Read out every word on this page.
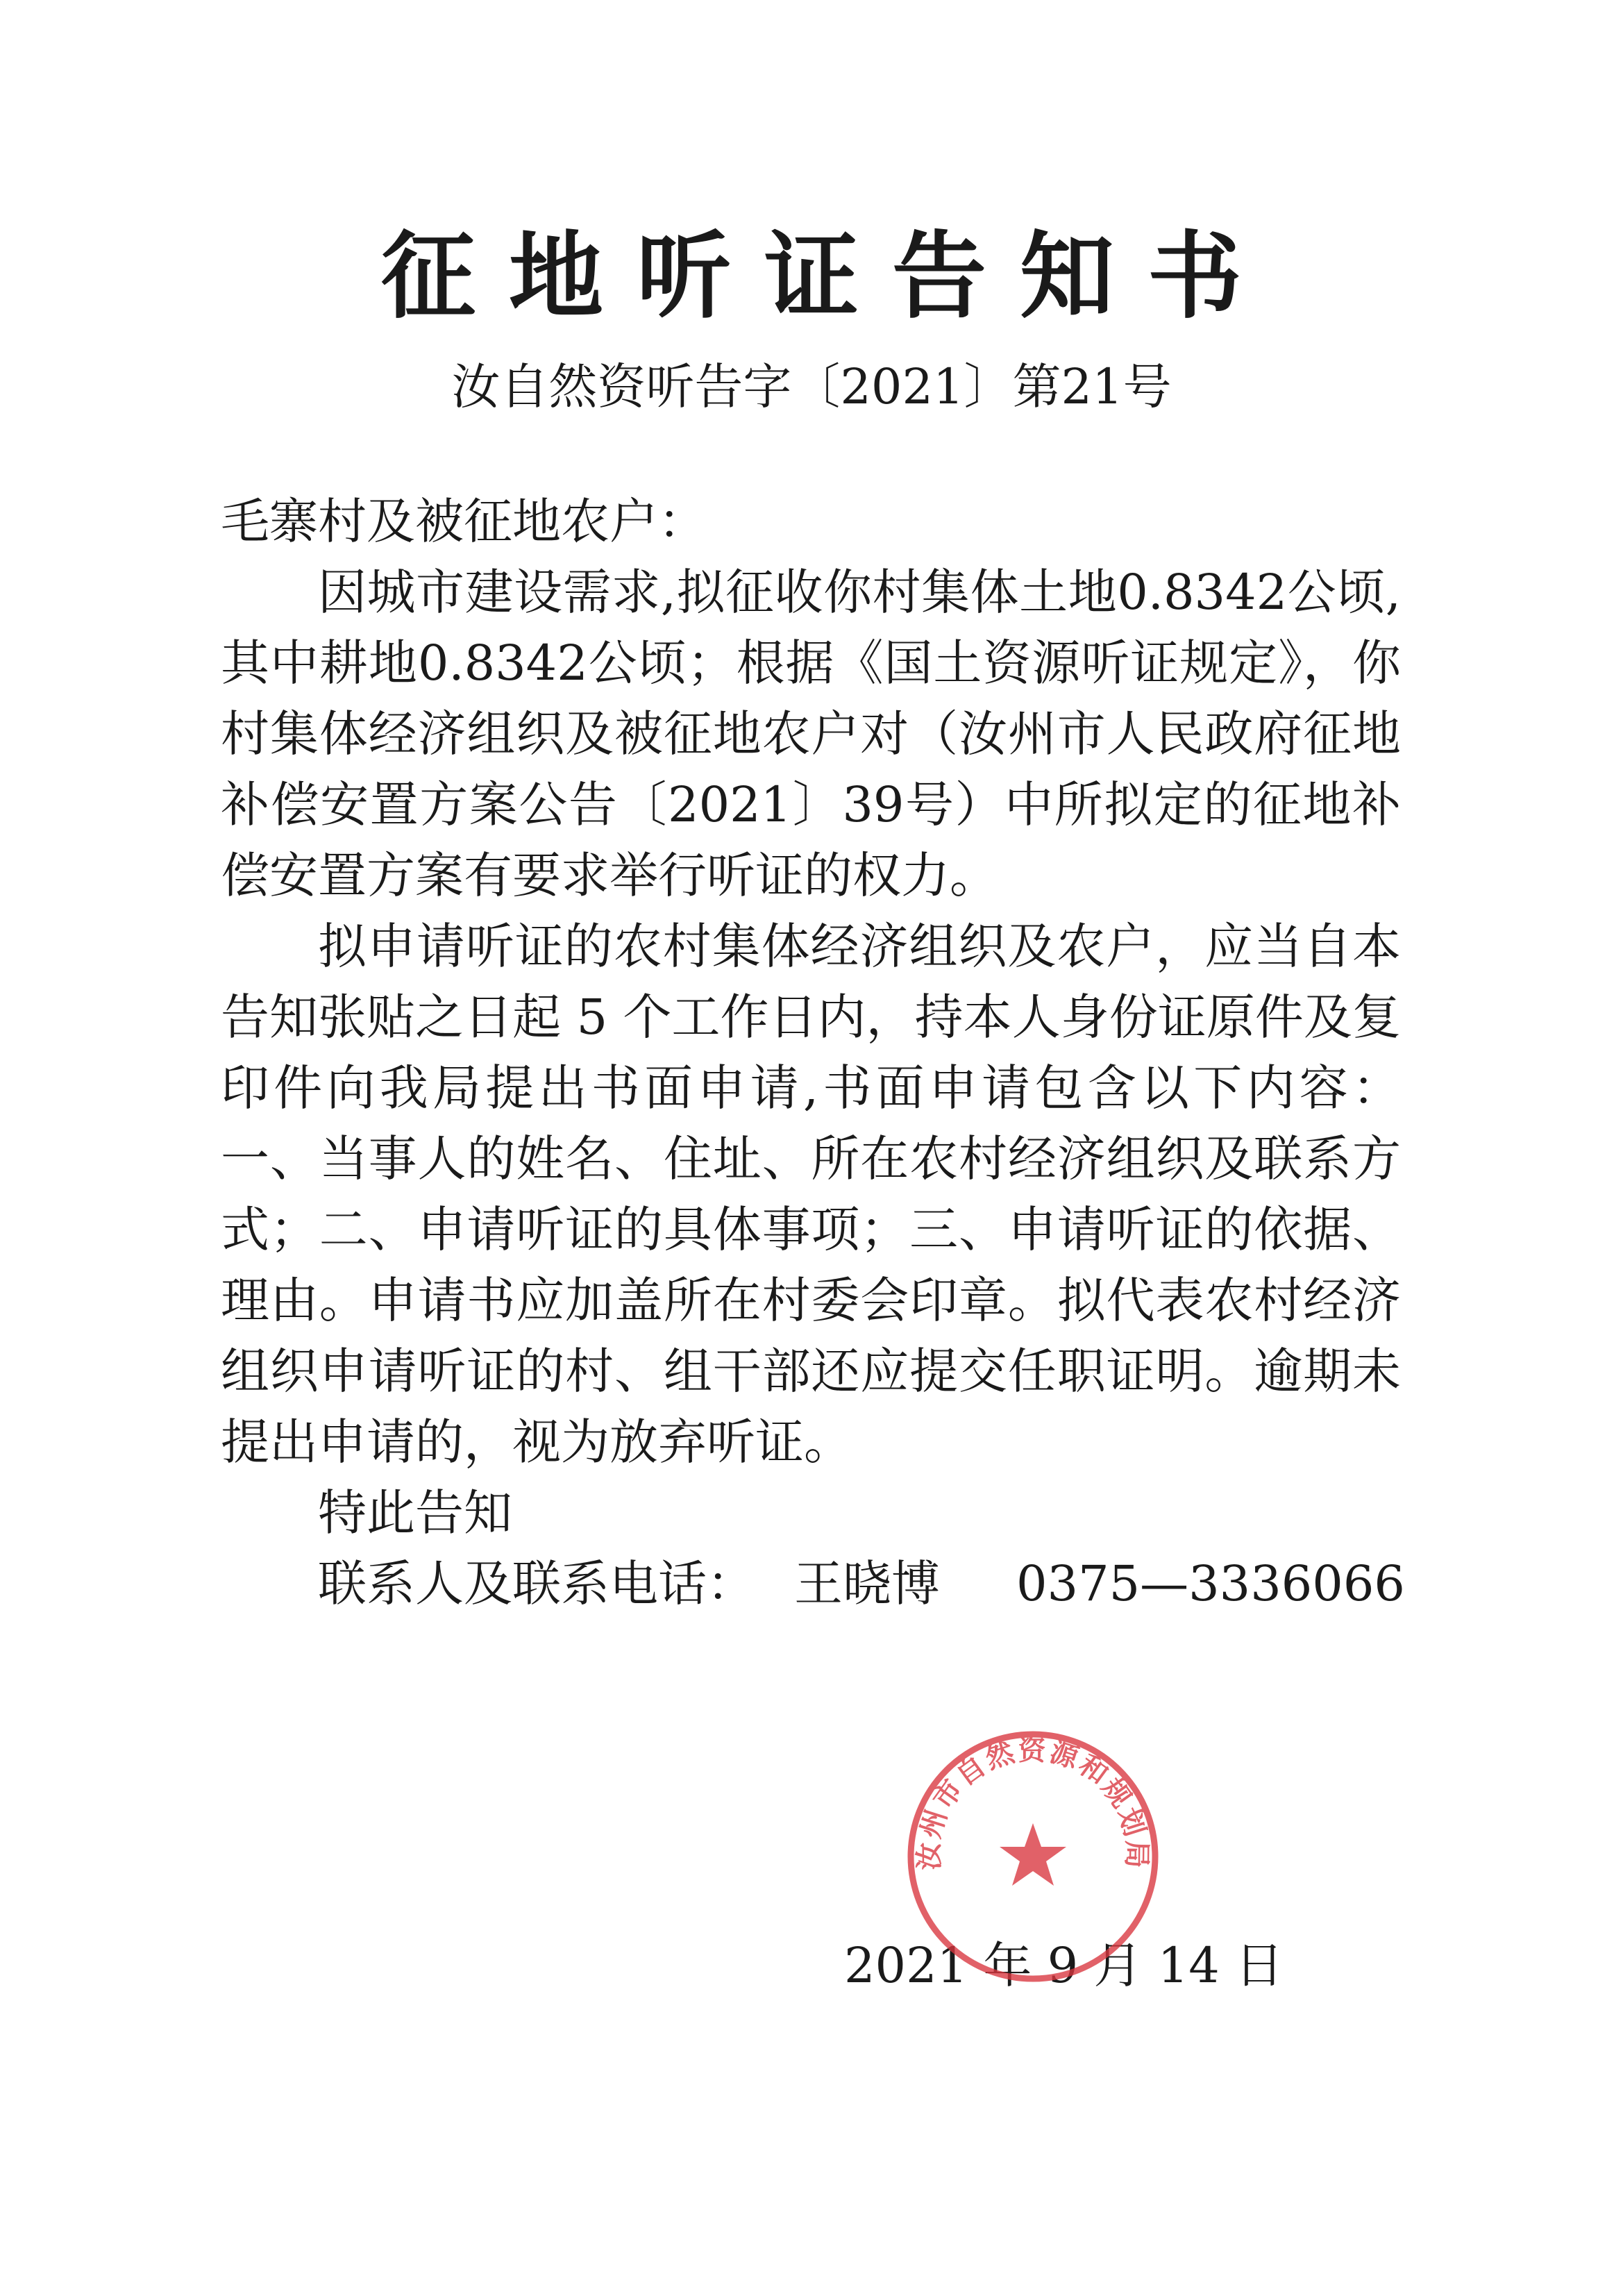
征地听证告知书
汝自然资听告字〔2021〕第21号

毛寨村及被征地农户：

因城市建设需求,拟征收你村集体土地0.8342公顷,其中耕地0.8342公顷；根据《国土资源听证规定》，你村集体经济组织及被征地农户对（汝州市人民政府征地补偿安置方案公告〔2021〕39号）中所拟定的征地补偿安置方案有要求举行听证的权力。

拟申请听证的农村集体经济组织及农户，应当自本告知张贴之日起 5 个工作日内，持本人身份证原件及复印件向我局提出书面申请,书面申请包含以下内容：一、当事人的姓名、住址、所在农村经济组织及联系方式；二、申请听证的具体事项；三、申请听证的依据、理由。申请书应加盖所在村委会印章。拟代表农村经济组织申请听证的村、组干部还应提交任职证明。逾期未提出申请的，视为放弃听证。

特此告知

联系人及联系电话： 王晓博 0375—3336066

2021 年 9 月 14 日
汝州市自然资源和规划局
